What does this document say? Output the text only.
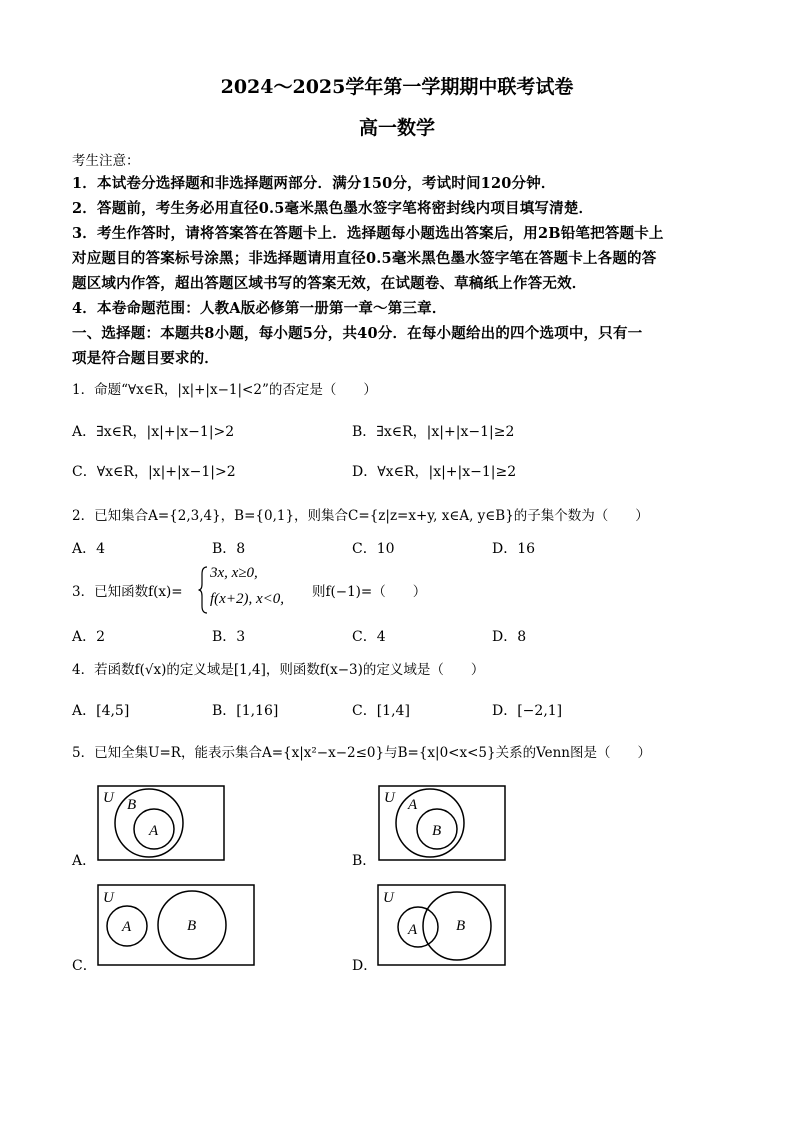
2024～2025学年第一学期期中联考试卷
高一数学
考生注意：
1．本试卷分选择题和非选择题两部分．满分150分，考试时间120分钟．
2．答题前，考生务必用直径0.5毫米黑色墨水签字笔将密封线内项目填写清楚．
3．考生作答时，请将答案答在答题卡上．选择题每小题选出答案后，用2B铅笔把答题卡上
对应题目的答案标号涂黑；非选择题请用直径0.5毫米黑色墨水签字笔在答题卡上各题的答
题区域内作答，超出答题区域书写的答案无效，在试题卷、草稿纸上作答无效．
4．本卷命题范围：人教A版必修第一册第一章～第三章．
一、选择题：本题共8小题，每小题5分，共40分．在每小题给出的四个选项中，只有一
项是符合题目要求的．
1．命题“∀x∈R，|x|+|x−1|<2”的否定是（　　）
A．∃x∈R，|x|+|x−1|>2	B．∃x∈R，|x|+|x−1|≥2
C．∀x∈R，|x|+|x−1|>2	D．∀x∈R，|x|+|x−1|≥2
2．已知集合A={2,3,4}，B={0,1}，则集合C={z|z=x+y, x∈A, y∈B}的子集个数为（　　）
A．4	B．8	C．10	D．16
3．已知函数f(x)=
3x, x≥0,
f(x+2), x<0, 则f(−1)=（　　）
A．2	B．3	C．4	D．8
4．若函数f(√x)的定义域是[1,4]，则函数f(x−3)的定义域是（　　）
A．[4,5]	B．[1,16]	C．[1,4]	D．[−2,1]
5．已知全集U=R，能表示集合A={x|x²−x−2≤0}与B={x|0<x<5}关系的Venn图是（　　）
A．
U B
A
B．
U A
B
C．
U
A	B
D．
U
A	B
